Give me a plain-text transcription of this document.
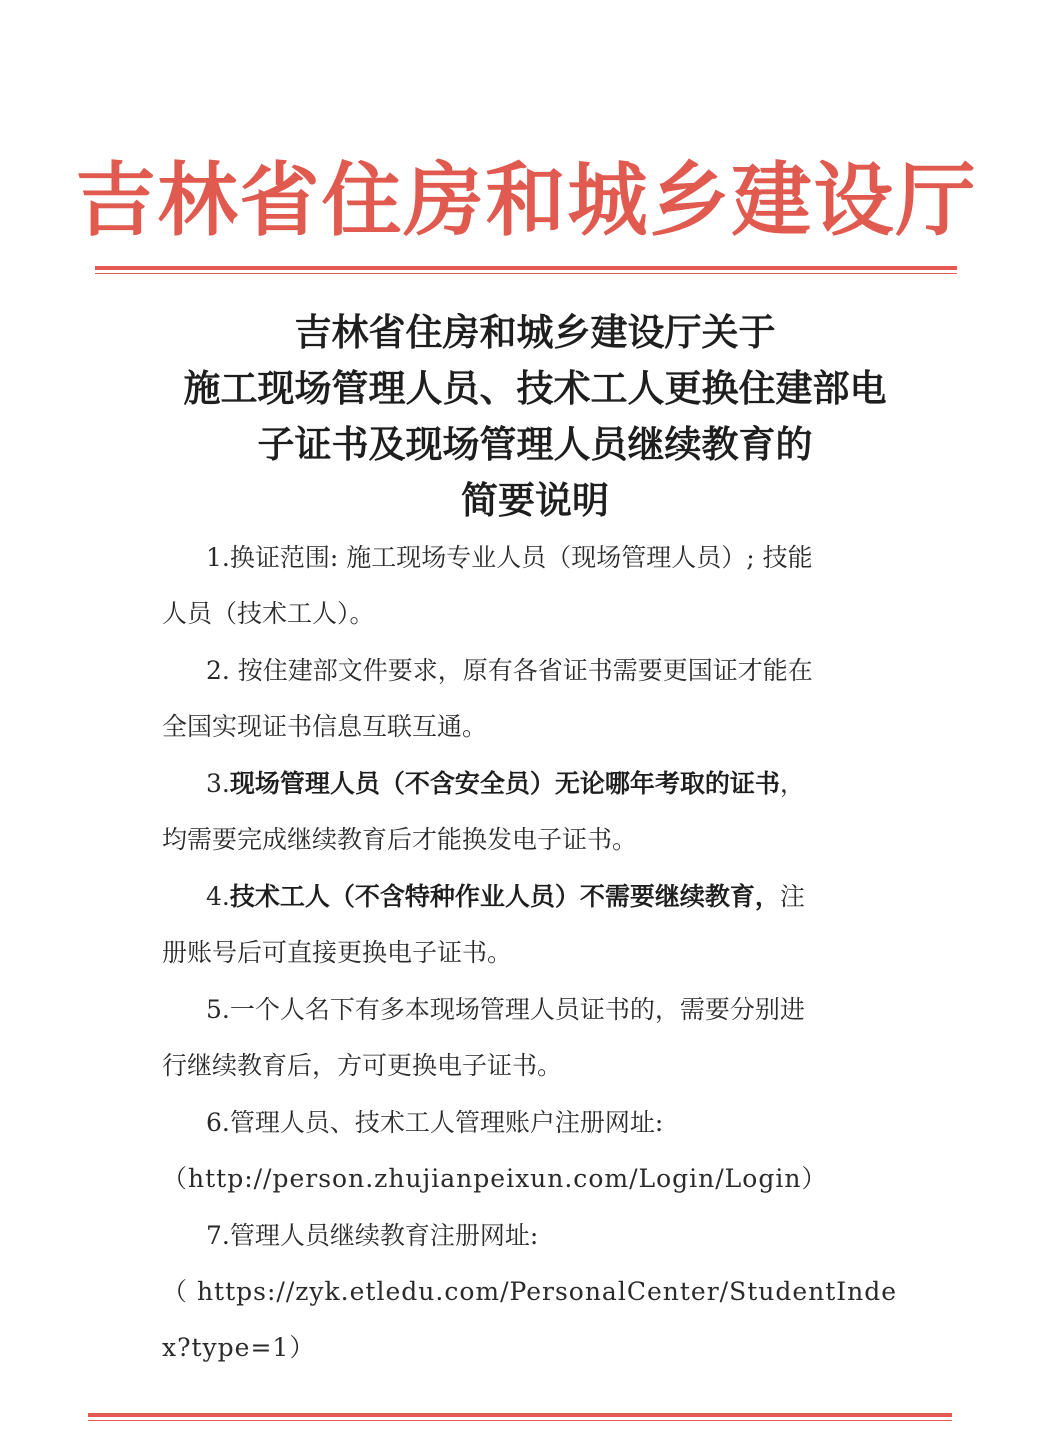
吉林省住房和城乡建设厅
吉林省住房和城乡建设厅关于
施工现场管理人员、技术工人更换住建部电
子证书及现场管理人员继续教育的
简要说明
1.换证范围: 施工现场专业人员（现场管理人员）; 技能
人员（技术工人）。
2. 按住建部文件要求，原有各省证书需要更国证才能在
全国实现证书信息互联互通。
3.现场管理人员（不含安全员）无论哪年考取的证书，
均需要完成继续教育后才能换发电子证书。
4.技术工人（不含特种作业人员）不需要继续教育，注
册账号后可直接更换电子证书。
5.一个人名下有多本现场管理人员证书的，需要分别进
行继续教育后，方可更换电子证书。
6.管理人员、技术工人管理账户注册网址:
（http://person.zhujianpeixun.com/Login/Login）
7.管理人员继续教育注册网址:
（ https://zyk.etledu.com/PersonalCenter/StudentInde
x?type=1）
